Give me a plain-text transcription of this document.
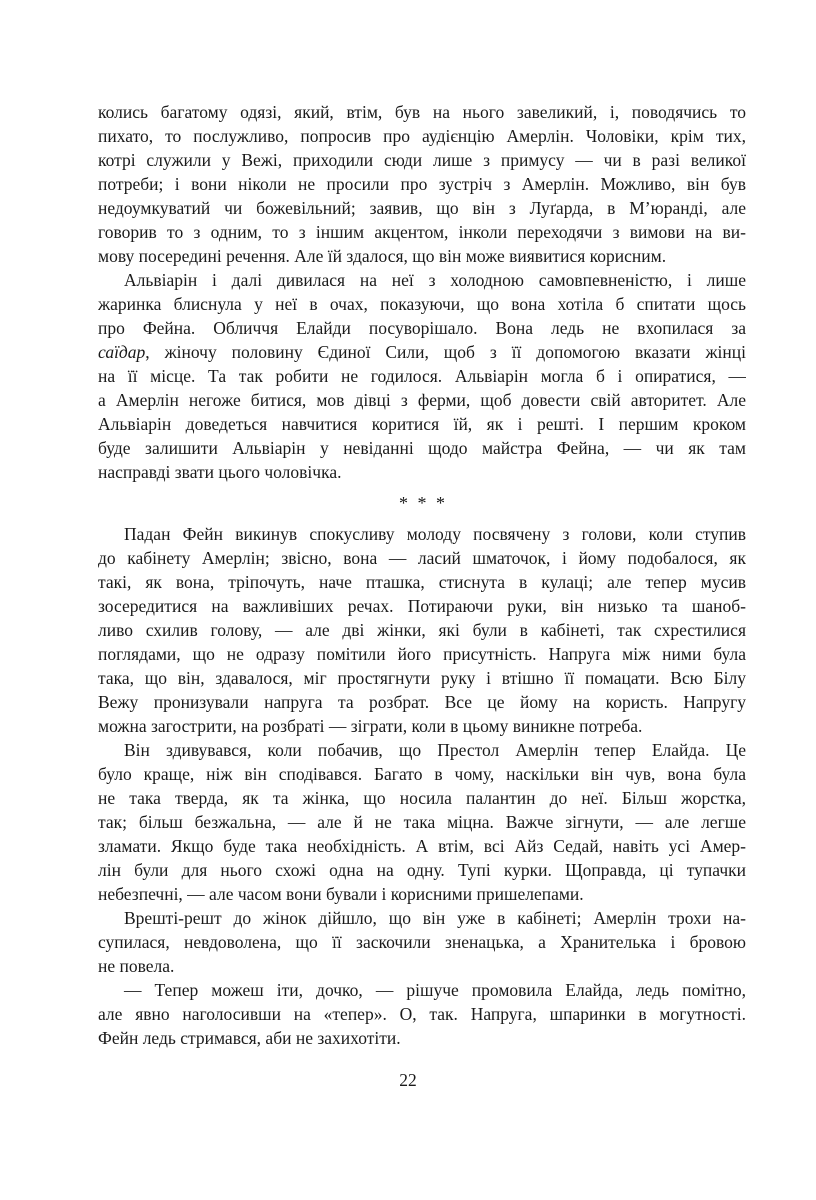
колись багатому одязі, який, втім, був на нього завеликий, і, поводячись то
пихато, то послужливо, попросив про аудієнцію Амерлін. Чоловіки, крім тих,
котрі служили у Вежі, приходили сюди лише з примусу — чи в разі великої
потреби; і вони ніколи не просили про зустріч з Амерлін. Можливо, він був
недоумкуватий чи божевільний; заявив, що він з Луґарда, в М’юранді, але
говорив то з одним, то з іншим акцентом, інколи переходячи з вимови на ви-
мову посередині речення. Але їй здалося, що він може виявитися корисним.
Альвіарін і далі дивилася на неї з холодною самовпевненістю, і лише
жаринка блиснула у неї в очах, показуючи, що вона хотіла б спитати щось
про Фейна. Обличчя Елайди посуворішало. Вона ледь не вхопилася за
саїдар, жіночу половину Єдиної Сили, щоб з її допомогою вказати жінці
на її місце. Та так робити не годилося. Альвіарін могла б і опиратися, —
а Амерлін негоже битися, мов дівці з ферми, щоб довести свій авторитет. Але
Альвіарін доведеться навчитися коритися їй, як і решті. І першим кроком
буде залишити Альвіарін у невіданні щодо майстра Фейна, — чи як там
насправді звати цього чоловічка.
* * *
Падан Фейн викинув спокусливу молоду посвячену з голови, коли ступив
до кабінету Амерлін; звісно, вона — ласий шматочок, і йому подобалося, як
такі, як вона, тріпочуть, наче пташка, стиснута в кулаці; але тепер мусив
зосередитися на важливіших речах. Потираючи руки, він низько та шаноб-
ливо схилив голову, — але дві жінки, які були в кабінеті, так схрестилися
поглядами, що не одразу помітили його присутність. Напруга між ними була
така, що він, здавалося, міг простягнути руку і втішно її помацати. Всю Білу
Вежу пронизували напруга та розбрат. Все це йому на користь. Напругу
можна загострити, на розбраті — зіграти, коли в цьому виникне потреба.
Він здивувався, коли побачив, що Престол Амерлін тепер Елайда. Це
було краще, ніж він сподівався. Багато в чому, наскільки він чув, вона була
не така тверда, як та жінка, що носила палантин до неї. Більш жорстка,
так; більш безжальна, — але й не така міцна. Важче зігнути, — але легше
зламати. Якщо буде така необхідність. А втім, всі Айз Седай, навіть усі Амер-
лін були для нього схожі одна на одну. Тупі курки. Щоправда, ці тупачки
небезпечні, — але часом вони бували і корисними пришелепами.
Врешті-решт до жінок дійшло, що він уже в кабінеті; Амерлін трохи на-
супилася, невдоволена, що її заскочили зненацька, а Хранителька і бровою
не повела.
— Тепер можеш іти, дочко, — рішуче промовила Елайда, ледь помітно,
але явно наголосивши на «тепер». О, так. Напруга, шпаринки в могутності.
Фейн ледь стримався, аби не захихотіти.
22
